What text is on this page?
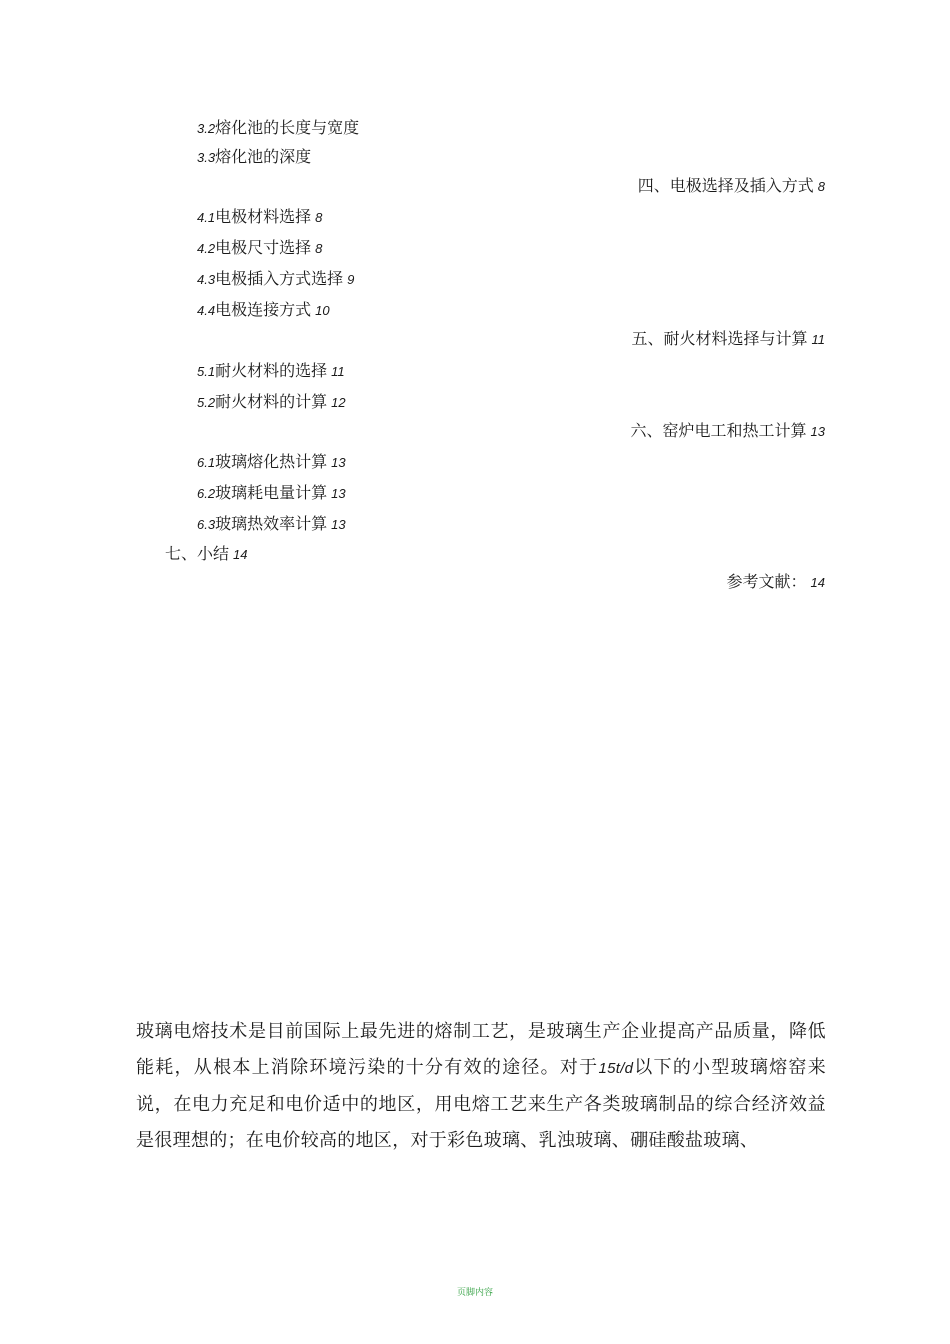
3.2熔化池的长度与宽度
3.3熔化池的深度
四、电极选择及插入方式 8
4.1电极材料选择 8
4.2电极尺寸选择 8
4.3电极插入方式选择 9
4.4电极连接方式 10
五、耐火材料选择与计算 11
5.1耐火材料的选择 11
5.2耐火材料的计算 12
六、窑炉电工和热工计算 13
6.1玻璃熔化热计算 13
6.2玻璃耗电量计算 13
6.3玻璃热效率计算 13
七、小结 14
参考文献： 14
玻璃电熔技术是目前国际上最先进的熔制工艺，是玻璃生产企业提高产品质量，降低能耗，从根本上消除环境污染的十分有效的途径。对于15t/d以下的小型玻璃熔窑来说，在电力充足和电价适中的地区，用电熔工艺来生产各类玻璃制品的综合经济效益是很理想的；在电价较高的地区，对于彩色玻璃、乳浊玻璃、硼硅酸盐玻璃、
页脚内容
